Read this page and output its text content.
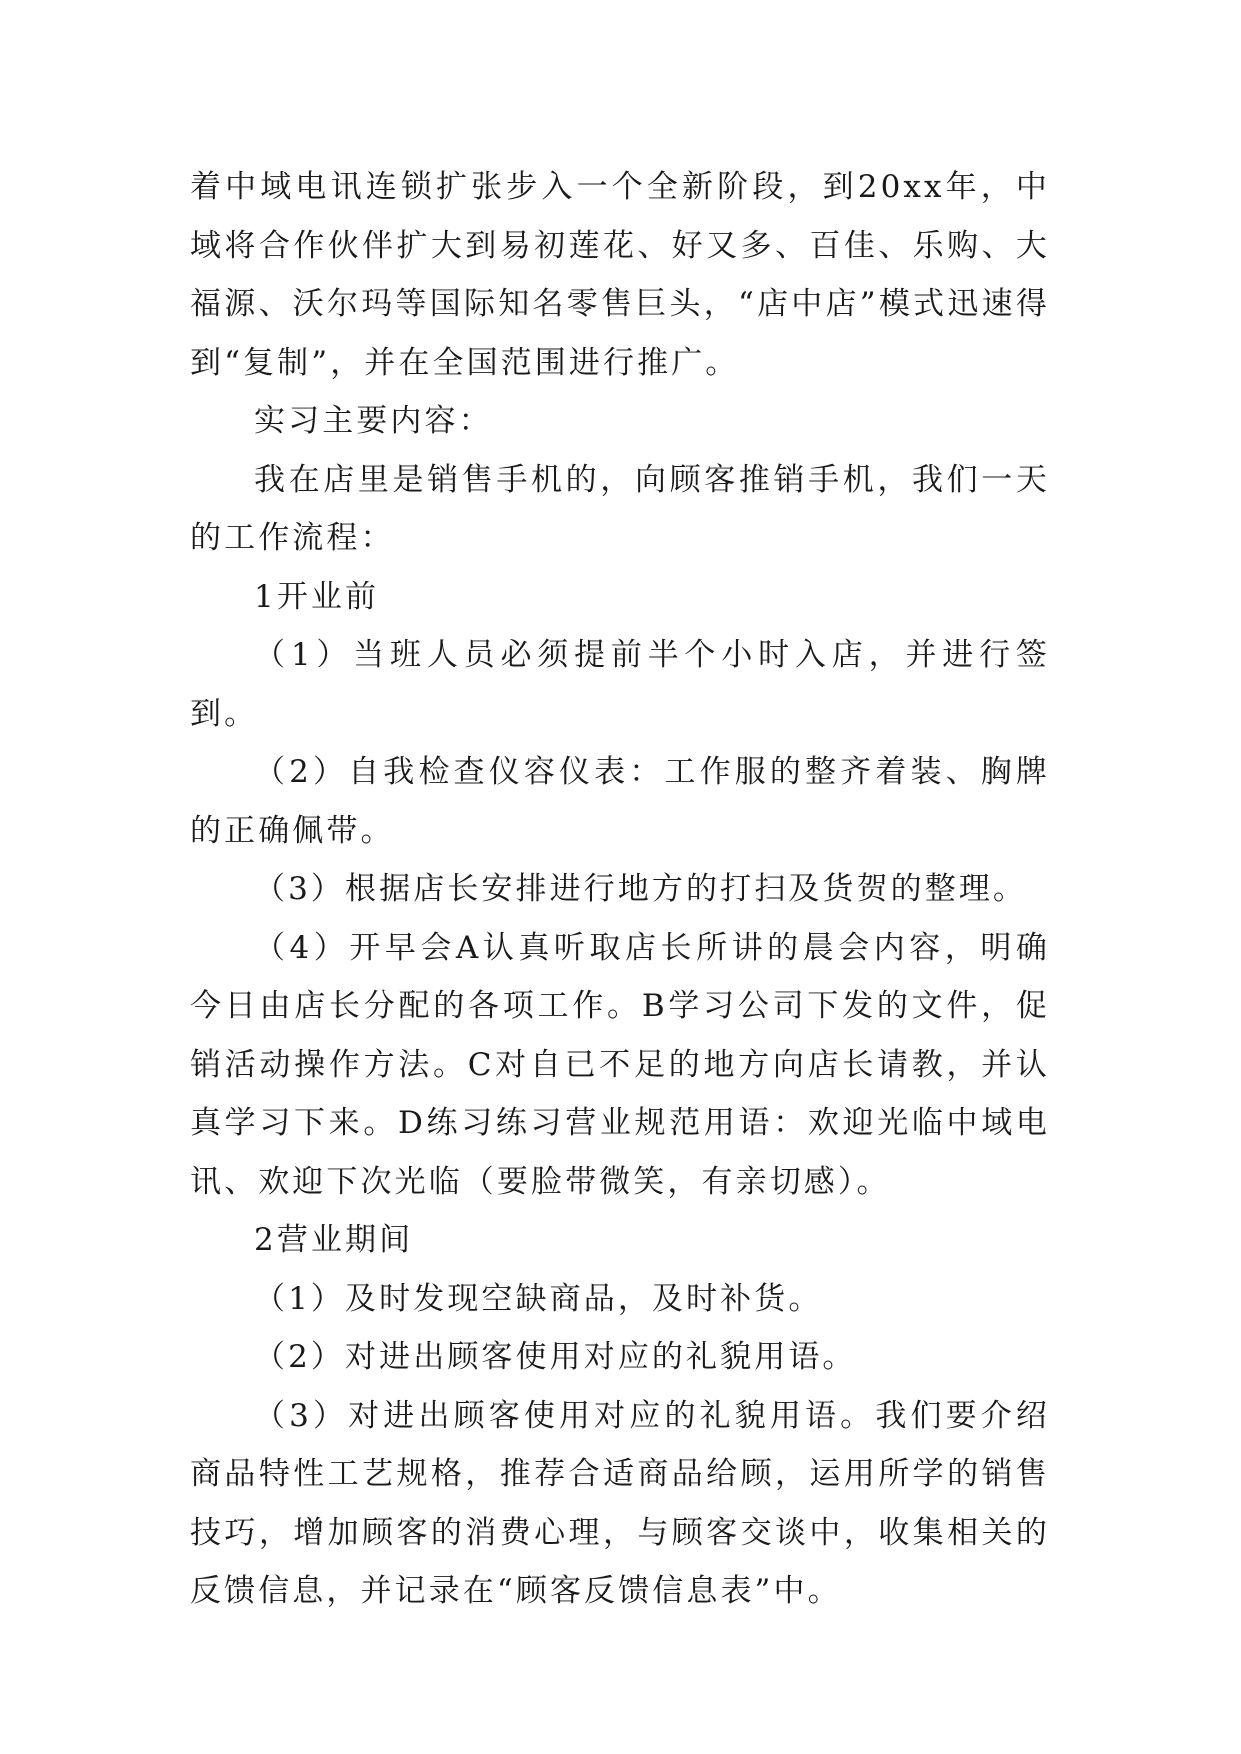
着中域电讯连锁扩张步入一个全新阶段，到20xx年，中域将合作伙伴扩大到易初莲花、好又多、百佳、乐购、大福源、沃尔玛等国际知名零售巨头，“店中店”模式迅速得到“复制”，并在全国范围进行推广。

实习主要内容：

我在店里是销售手机的，向顾客推销手机，我们一天的工作流程：

1开业前

（1）当班人员必须提前半个小时入店，并进行签到。

（2）自我检查仪容仪表：工作服的整齐着装、胸牌的正确佩带。

（3）根据店长安排进行地方的打扫及货贺的整理。

（4）开早会A认真听取店长所讲的晨会内容，明确今日由店长分配的各项工作。B学习公司下发的文件，促销活动操作方法。C对自已不足的地方向店长请教，并认真学习下来。D练习练习营业规范用语：欢迎光临中域电讯、欢迎下次光临（要脸带微笑，有亲切感）。

2营业期间

（1）及时发现空缺商品，及时补货。

（2）对进出顾客使用对应的礼貌用语。

（3）对进出顾客使用对应的礼貌用语。我们要介绍商品特性工艺规格，推荐合适商品给顾，运用所学的销售技巧，增加顾客的消费心理，与顾客交谈中，收集相关的反馈信息，并记录在“顾客反馈信息表”中。
